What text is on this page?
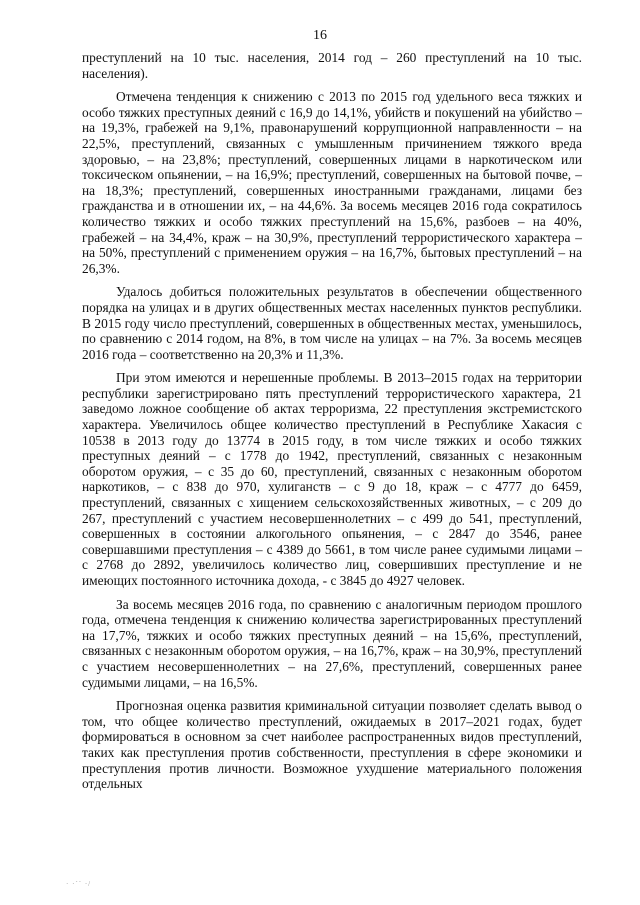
16

преступлений на 10 тыс. населения, 2014 год – 260 преступлений на 10 тыс. населения).

Отмечена тенденция к снижению с 2013 по 2015 год удельного веса тяжких и особо тяжких преступных деяний с 16,9 до 14,1%, убийств и покушений на убийство – на 19,3%, грабежей на 9,1%, правонарушений коррупционной направленности – на 22,5%, преступлений, связанных с умышленным причинением тяжкого вреда здоровью, – на 23,8%; преступлений, совершенных лицами в наркотическом или токсическом опьянении, – на 16,9%; преступлений, совершенных на бытовой почве, – на 18,3%; преступлений, совершенных иностранными гражданами, лицами без гражданства и в отношении их, – на 44,6%. За восемь месяцев 2016 года сократилось количество тяжких и особо тяжких преступлений на 15,6%, разбоев – на 40%, грабежей – на 34,4%, краж – на 30,9%, преступлений террористического характера – на 50%, преступлений с применением оружия – на 16,7%, бытовых преступлений – на 26,3%.

Удалось добиться положительных результатов в обеспечении общественного порядка на улицах и в других общественных местах населенных пунктов республики. В 2015 году число преступлений, совершенных в общественных местах, уменьшилось, по сравнению с 2014 годом, на 8%, в том числе на улицах – на 7%. За восемь месяцев 2016 года – соответственно на 20,3% и 11,3%.

При этом имеются и нерешенные проблемы. В 2013–2015 годах на территории республики зарегистрировано пять преступлений террористического характера, 21 заведомо ложное сообщение об актах терроризма, 22 преступления экстремистского характера. Увеличилось общее количество преступлений в Республике Хакасия с 10538 в 2013 году до 13774 в 2015 году, в том числе тяжких и особо тяжких преступных деяний – с 1778 до 1942, преступлений, связанных с незаконным оборотом оружия, – с 35 до 60, преступлений, связанных с незаконным оборотом наркотиков, – с 838 до 970, хулиганств – с 9 до 18, краж – с 4777 до 6459, преступлений, связанных с хищением сельскохозяйственных животных, – с 209 до 267, преступлений с участием несовершеннолетних – с 499 до 541, преступлений, совершенных в состоянии алкогольного опьянения, – с 2847 до 3546, ранее совершавшими преступления – с 4389 до 5661, в том числе ранее судимыми лицами – с 2768 до 2892, увеличилось количество лиц, совершивших преступление и не имеющих постоянного источника дохода, - с 3845 до 4927 человек.

За восемь месяцев 2016 года, по сравнению с аналогичным периодом прошлого года, отмечена тенденция к снижению количества зарегистрированных преступлений на 17,7%, тяжких и особо тяжких преступных деяний – на 15,6%, преступлений, связанных с незаконным оборотом оружия, – на 16,7%, краж – на 30,9%, преступлений с участием несовершеннолетних – на 27,6%, преступлений, совершенных ранее судимыми лицами, – на 16,5%.

Прогнозная оценка развития криминальной ситуации позволяет сделать вывод о том, что общее количество преступлений, ожидаемых в 2017–2021 годах, будет формироваться в основном за счет наиболее распространенных видов преступлений, таких как преступления против собственности, преступления в сфере экономики и преступления против личности. Возможное ухудшение материального положения отдельных

· ·´´ ·/
